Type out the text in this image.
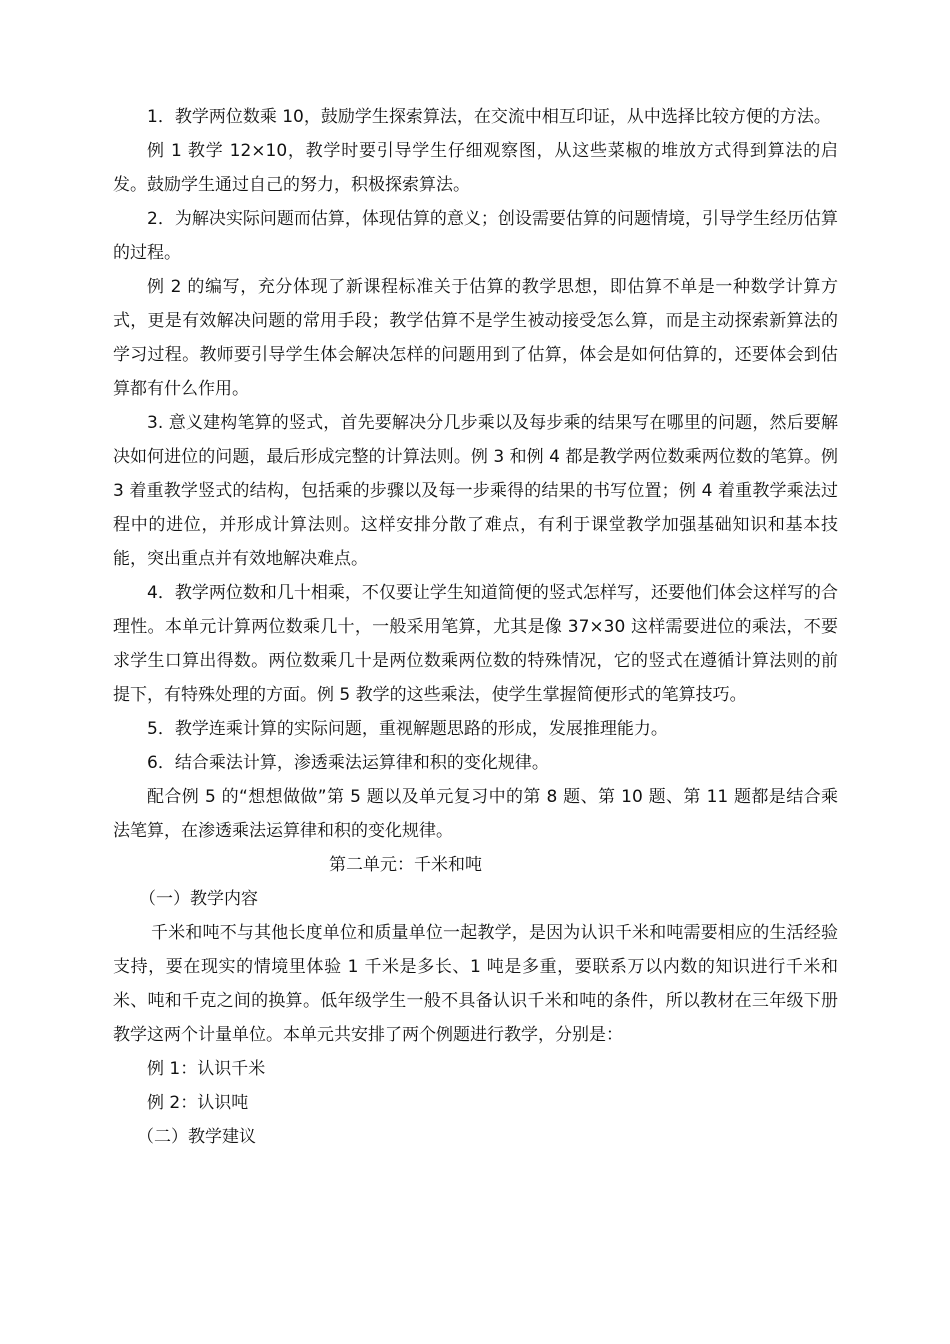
1．教学两位数乘 10，鼓励学生探索算法，在交流中相互印证，从中选择比较方便的方法。

例 1 教学 12×10，教学时要引导学生仔细观察图，从这些菜椒的堆放方式得到算法的启发。鼓励学生通过自己的努力，积极探索算法。

2．为解决实际问题而估算，体现估算的意义；创设需要估算的问题情境，引导学生经历估算的过程。

例 2 的编写，充分体现了新课程标准关于估算的教学思想，即估算不单是一种数学计算方式，更是有效解决问题的常用手段；教学估算不是学生被动接受怎么算，而是主动探索新算法的学习过程。教师要引导学生体会解决怎样的问题用到了估算，体会是如何估算的，还要体会到估算都有什么作用。

3. 意义建构笔算的竖式，首先要解决分几步乘以及每步乘的结果写在哪里的问题，然后要解决如何进位的问题，最后形成完整的计算法则。例 3 和例 4 都是教学两位数乘两位数的笔算。例 3 着重教学竖式的结构，包括乘的步骤以及每一步乘得的结果的书写位置；例 4 着重教学乘法过程中的进位，并形成计算法则。这样安排分散了难点，有利于课堂教学加强基础知识和基本技能，突出重点并有效地解决难点。

4．教学两位数和几十相乘，不仅要让学生知道简便的竖式怎样写，还要他们体会这样写的合理性。本单元计算两位数乘几十，一般采用笔算，尤其是像 37×30 这样需要进位的乘法，不要求学生口算出得数。两位数乘几十是两位数乘两位数的特殊情况，它的竖式在遵循计算法则的前提下，有特殊处理的方面。例 5 教学的这些乘法，使学生掌握简便形式的笔算技巧。

5．教学连乘计算的实际问题，重视解题思路的形成，发展推理能力。

6．结合乘法计算，渗透乘法运算律和积的变化规律。

配合例 5 的“想想做做”第 5 题以及单元复习中的第 8 题、第 10 题、第 11 题都是结合乘法笔算，在渗透乘法运算律和积的变化规律。

第二单元：千米和吨

（一）教学内容

千米和吨不与其他长度单位和质量单位一起教学，是因为认识千米和吨需要相应的生活经验支持，要在现实的情境里体验 1 千米是多长、1 吨是多重，要联系万以内数的知识进行千米和米、吨和千克之间的换算。低年级学生一般不具备认识千米和吨的条件，所以教材在三年级下册教学这两个计量单位。本单元共安排了两个例题进行教学，分别是：

例 1：认识千米

例 2：认识吨

（二）教学建议
